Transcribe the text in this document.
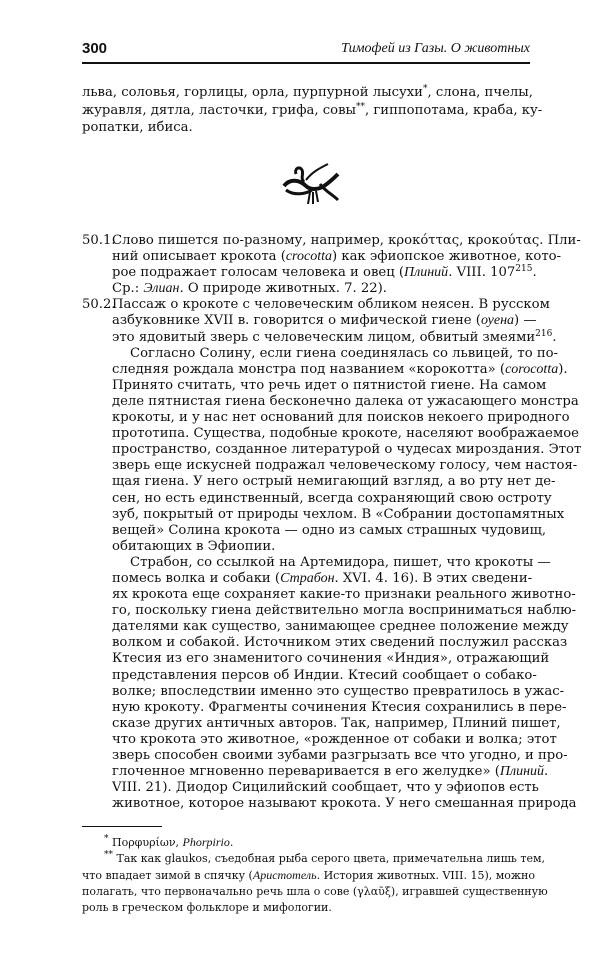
300	Тимофей из Газы. О животных
львa, соловья, горлицы, орла, пурпурной лысухи*, слона, пчелы,
журавля, дятла, ласточки, грифа, совы**, гиппопотама, краба, ку-
ропатки, ибиса.
Слово пишется по-разному, например, κροκόττας, κροκούτας. Пли-
50.1.
ний описывает крокота (crocotta) как эфиопское животное, кото-
рое подражает голосам человека и овец (Плиний. VIII. $107^{215}$.
Ср.: Элиан. О природе животных. 7. 22).
Пассаж о крокоте с человеческим обликом неясен. В русском
50.2.
азбуковнике XVII в. говорится о мифической гиене (оуена) —
это ядовитый зверь с человеческим лицом, обвитый змеями$^{216}$.
Согласно Солину, если гиена соединялась со львицей, то по-
следняя рождала монстра под названием «корокотта» (corocotta).
Принято считать, что речь идет о пятнистой гиене. На самом
деле пятнистая гиена бесконечно далека от ужасающего монстра
крокоты, и у нас нет оснований для поисков некоего природного
прототипа. Существа, подобные крокоте, населяют воображаемое
пространство, созданное литературой о чудесах мироздания. Этот
зверь еще искусней подражал человеческому голосу, чем настоя-
щая гиена. У него острый немигающий взгляд, а во рту нет де-
сен, но есть единственный, всегда сохраняющий свою остроту
зуб, покрытый от природы чехлом. В «Собрании достопамятных
вещей» Солина крокота — одно из самых страшных чудовищ,
обитающих в Эфиопии.
Страбон, со ссылкой на Артемидора, пишет, что крокоты —
помесь волка и собаки (Страбон. XVI. 4. 16). В этих сведени-
ях крокота еще сохраняет какие-то признаки реального животно-
го, поскольку гиена действительно могла восприниматься наблю-
дателями как существо, занимающее среднее положение между
волком и собакой. Источником этих сведений послужил рассказ
Ктесия из его знаменитого сочинения «Индия», отражающий
представления персов об Индии. Ктесий сообщает о собако-
волке; впоследствии именно это существо превратилось в ужас-
ную крокоту. Фрагменты сочинения Ктесия сохранились в пере-
сказе других античных авторов. Так, например, Плиний пишет,
что крокота это животное, «рожденное от собаки и волка; этот
зверь способен своими зубами разгрызать все что угодно, и про-
глоченное мгновенно переваривается в его желудке» (Плиний.
VIII. 21). Диодор Сицилийский сообщает, что у эфиопов есть
животное, которое называют крокота. У него смешанная природа
* Πορφυρίων, Phorpirio.
** Так как glaukos, съедобная рыба серого цвета, примечательна лишь тем,
что впадает зимой в спячку (Аристотель. История животных. VIII. 15), можно
полагать, что первоначально речь шла о сове (γλαῦξ), игравшей существенную
роль в греческом фольклоре и мифологии.
